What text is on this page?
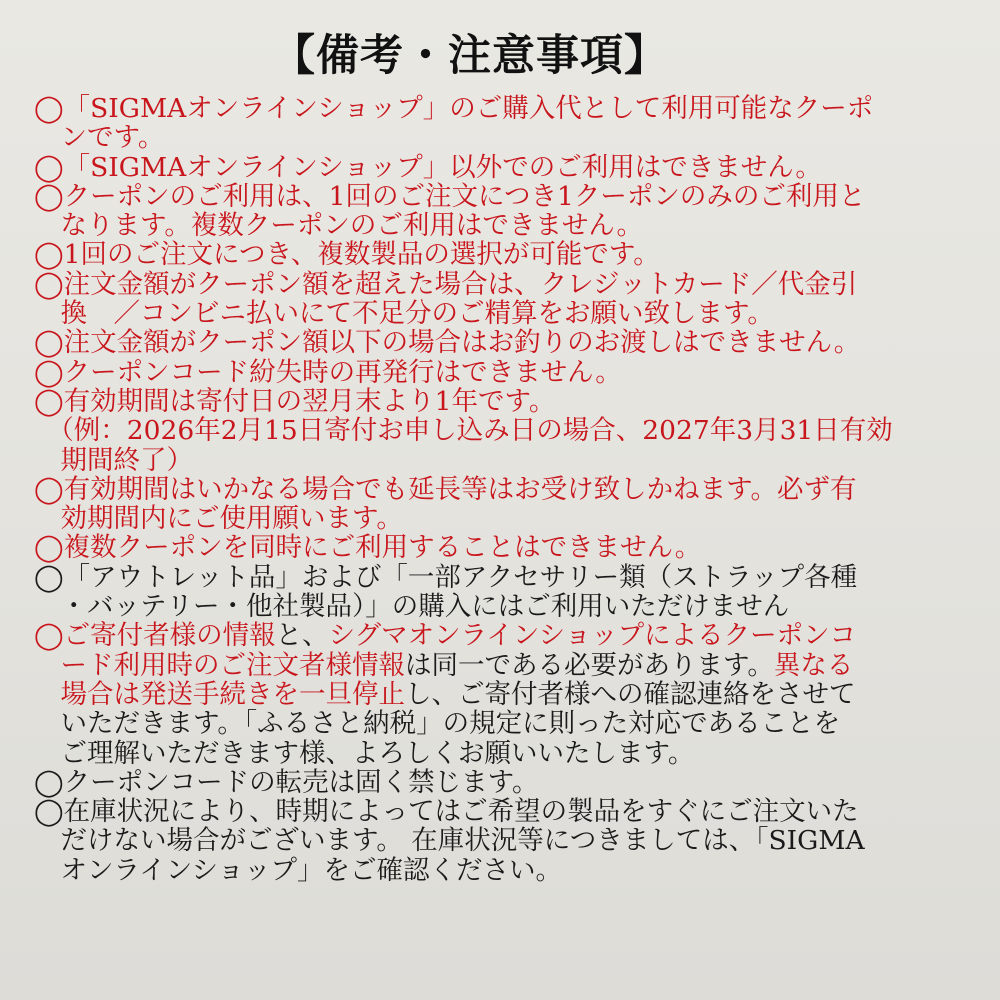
【備考・注意事項】
◯「SIGMAオンラインショップ」のご購入代として利用可能なクーポ
　ンです。
◯「SIGMAオンラインショップ」以外でのご利用はできません。
◯クーポンのご利用は、1回のご注文につき1クーポンのみのご利用と
　なります。複数クーポンのご利用はできません。
◯1回のご注文につき、複数製品の選択が可能です。
◯注文金額がクーポン額を超えた場合は、クレジットカード／代金引
　換　／コンビニ払いにて不足分のご精算をお願い致します。
◯注文金額がクーポン額以下の場合はお釣りのお渡しはできません。
◯クーポンコード紛失時の再発行はできません。
◯有効期間は寄付日の翌月末より1年です。
　（例：2026年2月15日寄付お申し込み日の場合、2027年3月31日有効
　期間終了）
◯有効期間はいかなる場合でも延長等はお受け致しかねます。必ず有
　効期間内にご使用願います。
◯複数クーポンを同時にご利用することはできません。
◯「アウトレット品」および「一部アクセサリー類（ストラップ各種
　・バッテリー・他社製品）」の購入にはご利用いただけません
◯ご寄付者様の情報と、シグマオンラインショップによるクーポンコ
　ード利用時のご注文者様情報は同一である必要があります。異なる
　場合は発送手続きを一旦停止し、ご寄付者様への確認連絡をさせて
　いただきます。「ふるさと納税」の規定に則った対応であることを
　ご理解いただきます様、よろしくお願いいたします。
◯クーポンコードの転売は固く禁じます。
◯在庫状況により、時期によってはご希望の製品をすぐにご注文いた
　だけない場合がございます。 在庫状況等につきましては、「SIGMA
　オンラインショップ」をご確認ください。
